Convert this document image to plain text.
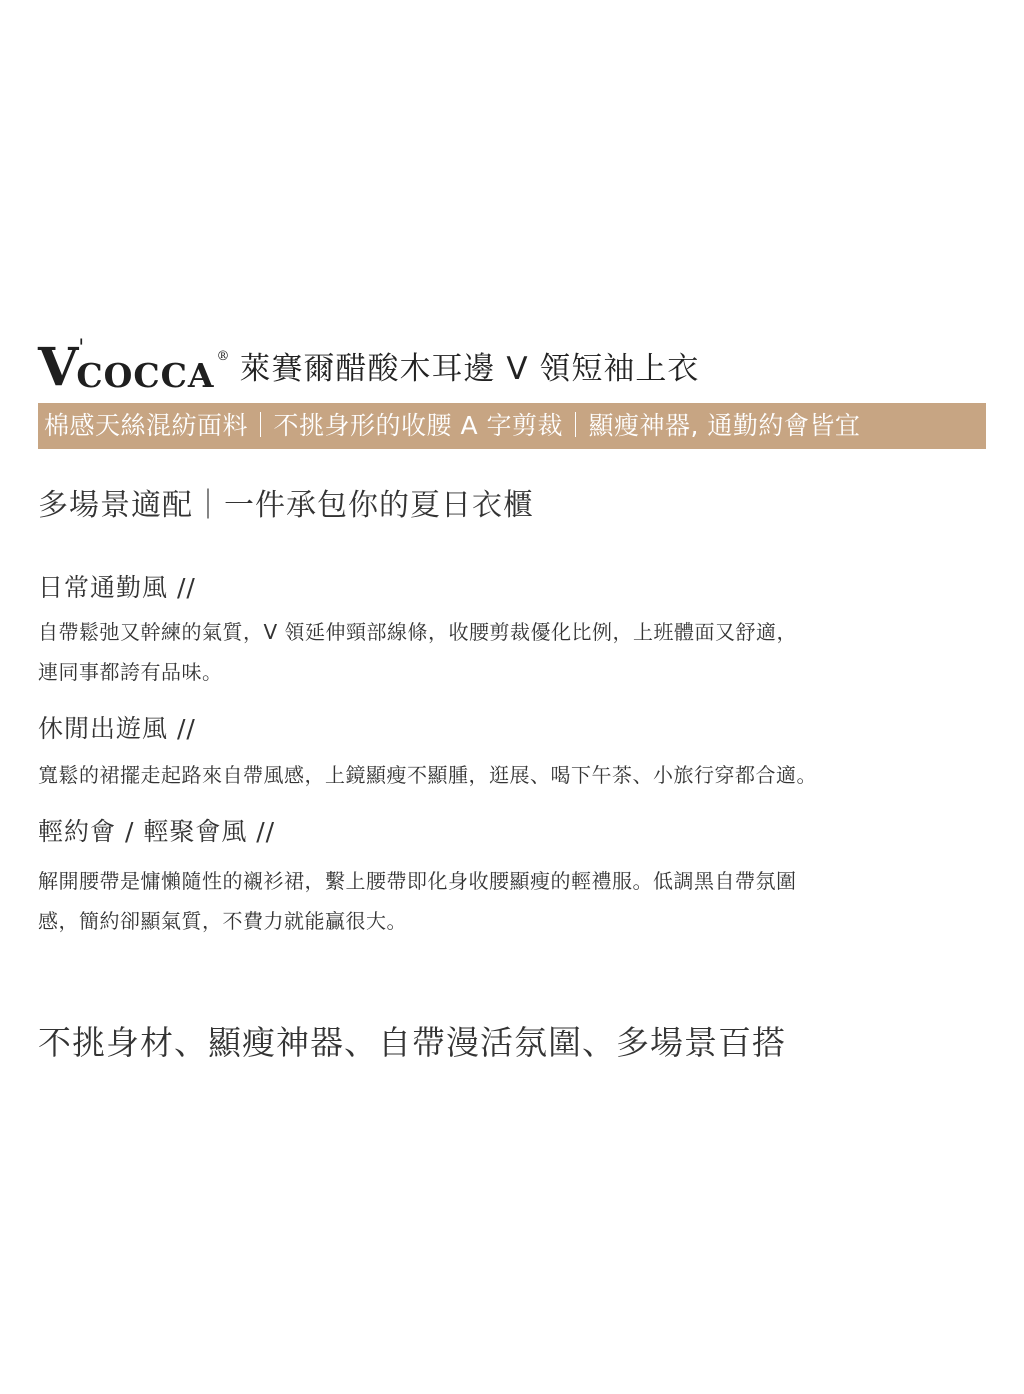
V '
COCCA ® 萊賽爾醋酸木耳邊 V 領短袖上衣
棉感天絲混紡面料｜不挑身形的收腰 A 字剪裁｜顯瘦神器, 通勤約會皆宜
多場景適配｜一件承包你的夏日衣櫃
日常通勤風 //
自帶鬆弛又幹練的氣質，V 領延伸頸部線條，收腰剪裁優化比例，上班體面又舒適，
連同事都誇有品味。
休閒出遊風 //
寬鬆的裙擺走起路來自帶風感，上鏡顯瘦不顯腫，逛展、喝下午茶、小旅行穿都合適。
輕約會 / 輕聚會風 //
解開腰帶是慵懶隨性的襯衫裙，繫上腰帶即化身收腰顯瘦的輕禮服。低調黑自帶氛圍
感，簡約卻顯氣質，不費力就能贏很大。
不挑身材、顯瘦神器、自帶漫活氛圍、多場景百搭
